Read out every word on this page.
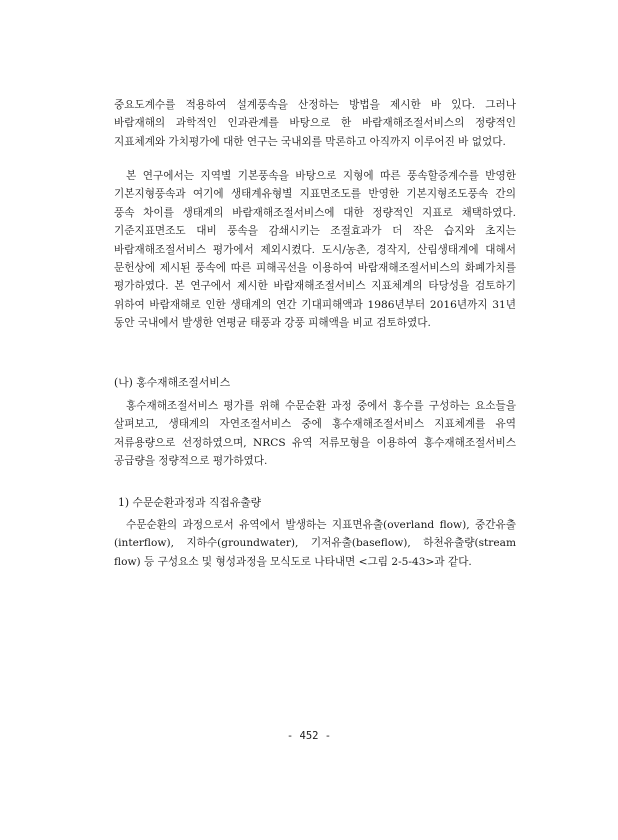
중요도계수를 적용하여 설계풍속을 산정하는 방법을 제시한 바 있다. 그러나 바람재해의 과학적인 인과관계를 바탕으로 한 바람재해조절서비스의 정량적인 지표체계와 가치평가에 대한 연구는 국내외를 막론하고 아직까지 이루어진 바 없었다.

본 연구에서는 지역별 기본풍속을 바탕으로 지형에 따른 풍속할증계수를 반영한 기본지형풍속과 여기에 생태계유형별 지표면조도를 반영한 기본지형조도풍속 간의 풍속 차이를 생태계의 바람재해조절서비스에 대한 정량적인 지표로 채택하였다. 기준지표면조도 대비 풍속을 감쇄시키는 조절효과가 더 작은 습지와 초지는 바람재해조절서비스 평가에서 제외시켰다. 도시/농촌, 경작지, 산림생태계에 대해서 문헌상에 제시된 풍속에 따른 피해곡선을 이용하여 바람재해조절서비스의 화폐가치를 평가하였다. 본 연구에서 제시한 바람재해조절서비스 지표체계의 타당성을 검토하기 위하여 바람재해로 인한 생태계의 연간 기대피해액과 1986년부터 2016년까지 31년 동안 국내에서 발생한 연평균 태풍과 강풍 피해액을 비교 검토하였다.

(나) 홍수재해조절서비스

홍수재해조절서비스 평가를 위해 수문순환 과정 중에서 홍수를 구성하는 요소들을 살펴보고, 생태계의 자연조절서비스 중에 홍수재해조절서비스 지표체계를 유역 저류용량으로 선정하였으며, NRCS 유역 저류모형을 이용하여 홍수재해조절서비스 공급량을 정량적으로 평가하였다.

1) 수문순환과정과 직접유출량

수문순환의 과정으로서 유역에서 발생하는 지표면유출(overland flow), 중간유출(interflow), 지하수(groundwater), 기저유출(baseflow), 하천유출량(stream flow) 등 구성요소 및 형성과정을 모식도로 나타내면 <그림 2-5-43>과 같다.

- 452 -
